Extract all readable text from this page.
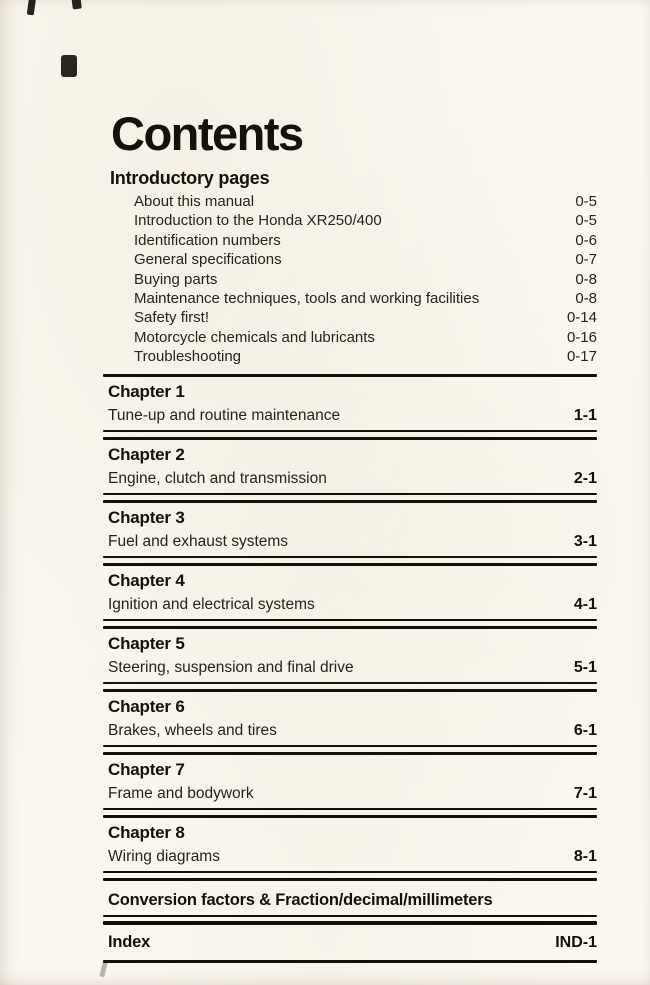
Contents
Introductory pages
About this manual	0-5
Introduction to the Honda XR250/400	0-5
Identification numbers	0-6
General specifications	0-7
Buying parts	0-8
Maintenance techniques, tools and working facilities	0-8
Safety first!	0-14
Motorcycle chemicals and lubricants	0-16
Troubleshooting	0-17
Chapter 1
Tune-up and routine maintenance	1-1
Chapter 2
Engine, clutch and transmission	2-1
Chapter 3
Fuel and exhaust systems	3-1
Chapter 4
Ignition and electrical systems	4-1
Chapter 5
Steering, suspension and final drive	5-1
Chapter 6
Brakes, wheels and tires	6-1
Chapter 7
Frame and bodywork	7-1
Chapter 8
Wiring diagrams	8-1
Conversion factors & Fraction/decimal/millimeters
Index	IND-1
